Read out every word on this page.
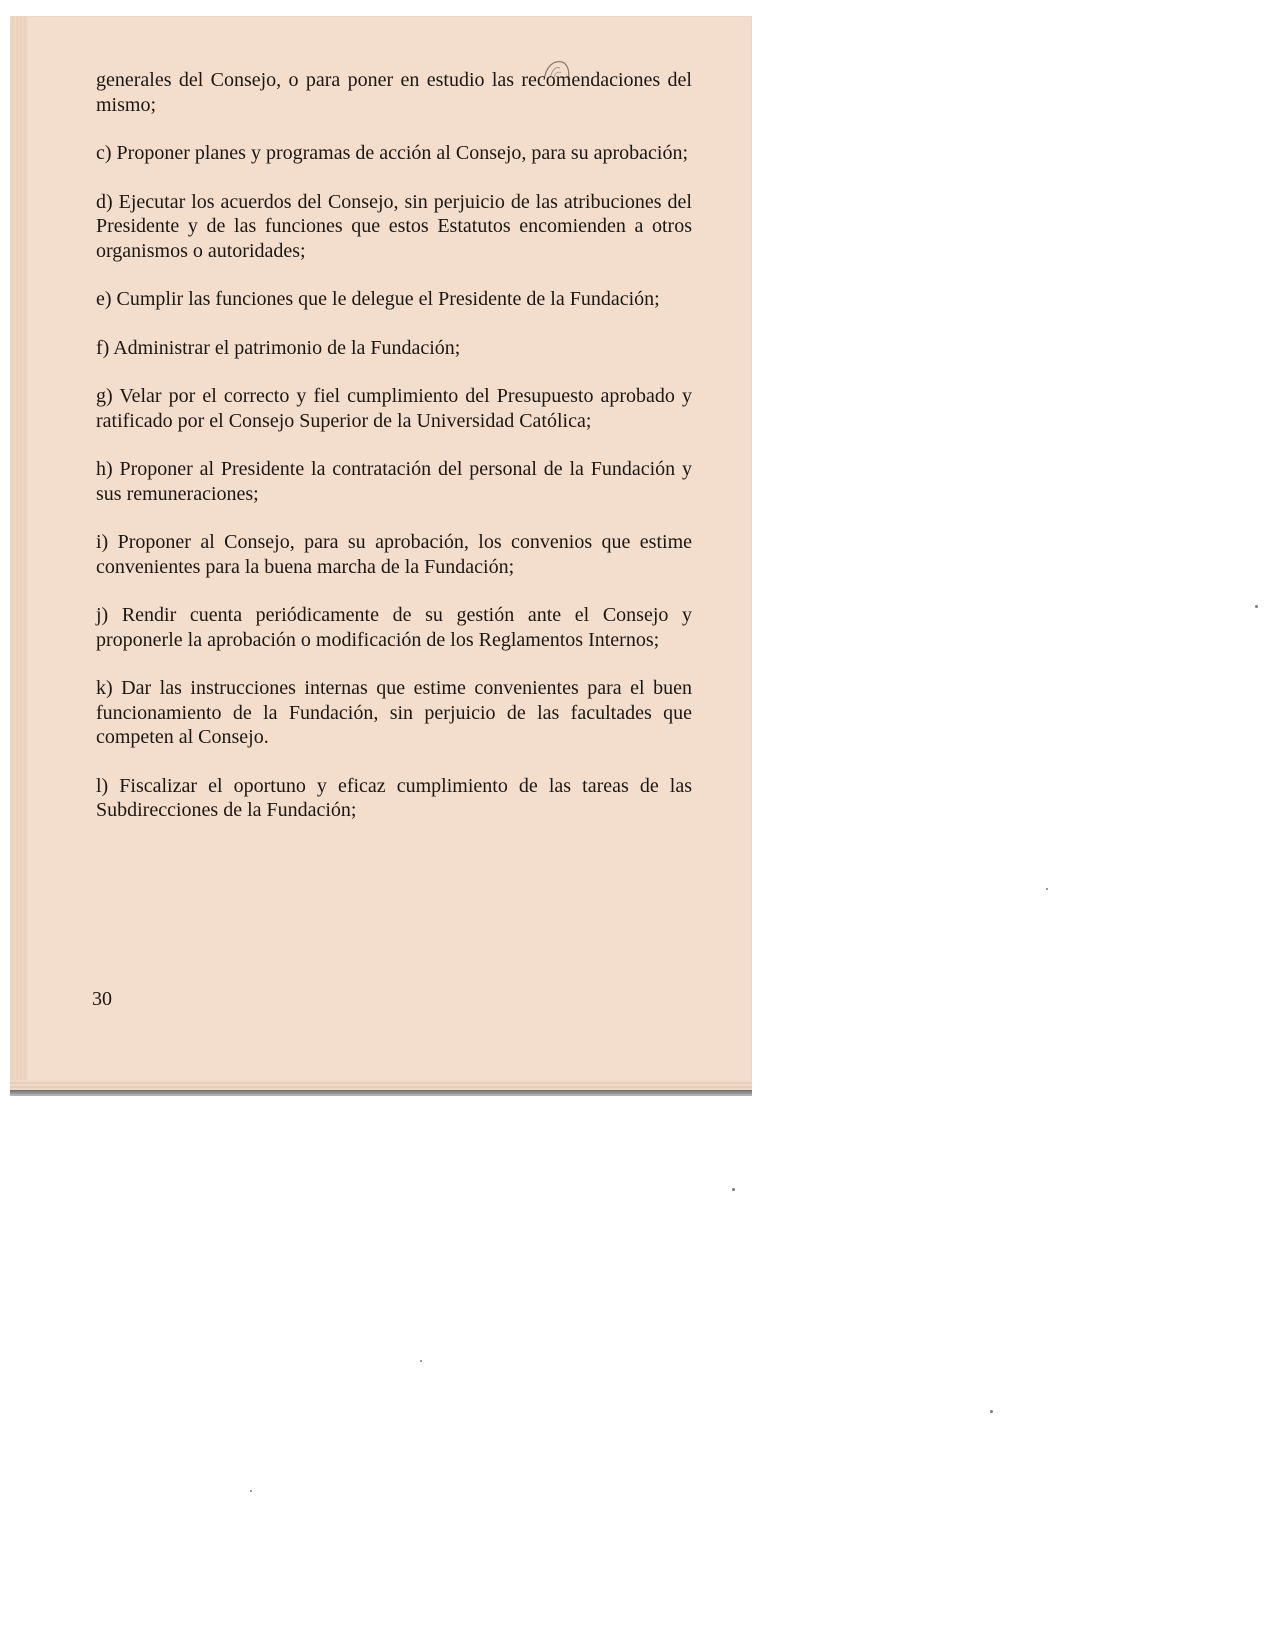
generales del Consejo, o para poner en estudio las recomendaciones del mismo;

c) Proponer planes y programas de acción al Consejo, para su aprobación;

d) Ejecutar los acuerdos del Consejo, sin perjuicio de las atribuciones del Presidente y de las funciones que estos Estatutos encomienden a otros organismos o autoridades;

e) Cumplir las funciones que le delegue el Presidente de la Fundación;

f) Administrar el patrimonio de la Fundación;

g) Velar por el correcto y fiel cumplimiento del Presupuesto aprobado y ratificado por el Consejo Superior de la Universidad Católica;

h) Proponer al Presidente la contratación del personal de la Fundación y sus remuneraciones;

i) Proponer al Consejo, para su aprobación, los convenios que estime convenientes para la buena marcha de la Fundación;

j) Rendir cuenta periódicamente de su gestión ante el Consejo y proponerle la aprobación o modificación de los Reglamentos Internos;

k) Dar las instrucciones internas que estime convenientes para el buen funcionamiento de la Fundación, sin perjuicio de las facultades que competen al Consejo.

l) Fiscalizar el oportuno y eficaz cumplimiento de las tareas de las Subdirecciones de la Fundación;

30
